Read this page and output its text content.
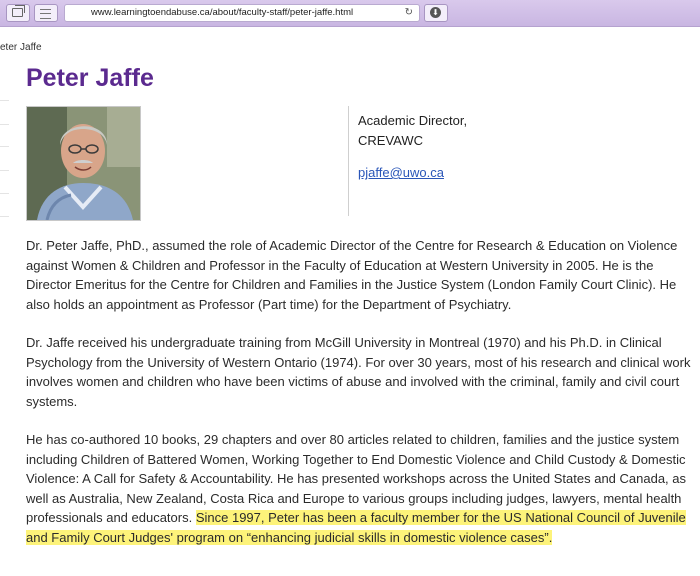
www.learningtoendabuse.ca/about/faculty-staff/peter-jaffe.html	↻ ⬇
eter Jaffe
Peter Jaffe
Academic Director,
CREVAWC
pjaffe@uwo.ca

Dr. Peter Jaffe, PhD., assumed the role of Academic Director of the Centre for Research & Education on Violence against Women & Children and Professor in the Faculty of Education at Western University in 2005. He is the Director Emeritus for the Centre for Children and Families in the Justice System (London Family Court Clinic). He also holds an appointment as Professor (Part time) for the Department of Psychiatry.

Dr. Jaffe received his undergraduate training from McGill University in Montreal (1970) and his Ph.D. in Clinical Psychology from the University of Western Ontario (1974). For over 30 years, most of his research and clinical work involves women and children who have been victims of abuse and involved with the criminal, family and civil court systems.

He has co-authored 10 books, 29 chapters and over 80 articles related to children, families and the justice system including Children of Battered Women, Working Together to End Domestic Violence and Child Custody & Domestic Violence: A Call for Safety & Accountability. He has presented workshops across the United States and Canada, as well as Australia, New Zealand, Costa Rica and Europe to various groups including judges, lawyers, mental health professionals and educators. Since 1997, Peter has been a faculty member for the US National Council of Juvenile and Family Court Judges' program on “enhancing judicial skills in domestic violence cases”.
